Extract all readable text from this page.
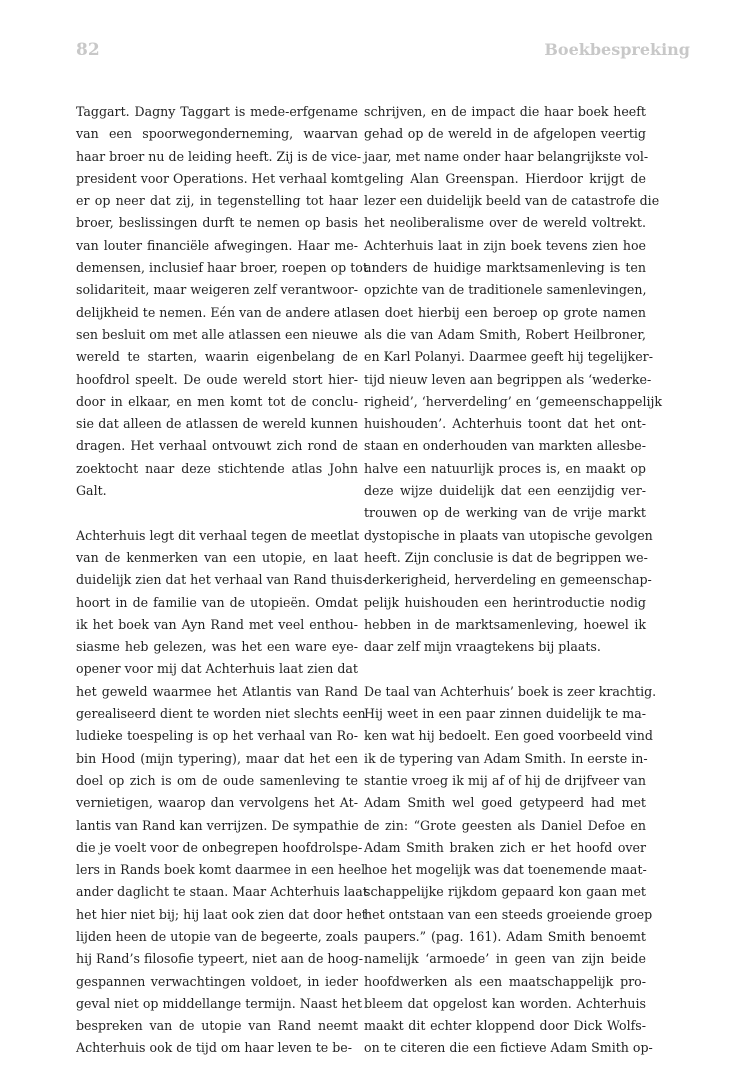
82	Boekbespreking
Taggart. Dagny Taggart is mede-erfgename
van een spoorwegonderneming, waarvan
haar broer nu de leiding heeft. Zij is de vice-
president voor Operations. Het verhaal komt
er op neer dat zij, in tegenstelling tot haar
broer, beslissingen durft te nemen op basis
van louter financiële afwegingen. Haar me-
demensen, inclusief haar broer, roepen op tot
solidariteit, maar weigeren zelf verantwoor-
delijkheid te nemen. Eén van de andere atlas-
sen besluit om met alle atlassen een nieuwe
wereld te starten, waarin eigenbelang de
hoofdrol speelt. De oude wereld stort hier-
door in elkaar, en men komt tot de conclu-
sie dat alleen de atlassen de wereld kunnen
dragen. Het verhaal ontvouwt zich rond de
zoektocht naar deze stichtende atlas John
Galt.
Achterhuis legt dit verhaal tegen de meetlat
van de kenmerken van een utopie, en laat
duidelijk zien dat het verhaal van Rand thuis-
hoort in de familie van de utopieën. Omdat
ik het boek van Ayn Rand met veel enthou-
siasme heb gelezen, was het een ware eye-
opener voor mij dat Achterhuis laat zien dat
het geweld waarmee het Atlantis van Rand
gerealiseerd dient te worden niet slechts een
ludieke toespeling is op het verhaal van Ro-
bin Hood (mijn typering), maar dat het een
doel op zich is om de oude samenleving te
vernietigen, waarop dan vervolgens het At-
lantis van Rand kan verrijzen. De sympathie
die je voelt voor de onbegrepen hoofdrolspe-
lers in Rands boek komt daarmee in een heel
ander daglicht te staan. Maar Achterhuis laat
het hier niet bij; hij laat ook zien dat door het
lijden heen de utopie van de begeerte, zoals
hij Rand’s filosofie typeert, niet aan de hoog-
gespannen verwachtingen voldoet, in ieder
geval niet op middellange termijn. Naast het
bespreken van de utopie van Rand neemt
Achterhuis ook de tijd om haar leven te be-
schrijven, en de impact die haar boek heeft
gehad op de wereld in de afgelopen veertig
jaar, met name onder haar belangrijkste vol-
geling Alan Greenspan. Hierdoor krijgt de
lezer een duidelijk beeld van de catastrofe die
het neoliberalisme over de wereld voltrekt.
Achterhuis laat in zijn boek tevens zien hoe
anders de huidige marktsamenleving is ten
opzichte van de traditionele samenlevingen,
en doet hierbij een beroep op grote namen
als die van Adam Smith, Robert Heilbroner,
en Karl Polanyi. Daarmee geeft hij tegelijker-
tijd nieuw leven aan begrippen als ‘wederke-
righeid’, ‘herverdeling’ en ‘gemeenschappelijk
huishouden’. Achterhuis toont dat het ont-
staan en onderhouden van markten allesbe-
halve een natuurlijk proces is, en maakt op
deze wijze duidelijk dat een eenzijdig ver-
trouwen op de werking van de vrije markt
dystopische in plaats van utopische gevolgen
heeft. Zijn conclusie is dat de begrippen we-
derkerigheid, herverdeling en gemeenschap-
pelijk huishouden een herintroductie nodig
hebben in de marktsamenleving, hoewel ik
daar zelf mijn vraagtekens bij plaats.
De taal van Achterhuis’ boek is zeer krachtig.
Hij weet in een paar zinnen duidelijk te ma-
ken wat hij bedoelt. Een goed voorbeeld vind
ik de typering van Adam Smith. In eerste in-
stantie vroeg ik mij af of hij de drijfveer van
Adam Smith wel goed getypeerd had met
de zin: “Grote geesten als Daniel Defoe en
Adam Smith braken zich er het hoofd over
hoe het mogelijk was dat toenemende maat-
schappelijke rijkdom gepaard kon gaan met
het ontstaan van een steeds groeiende groep
paupers.” (pag. 161). Adam Smith benoemt
namelijk ‘armoede’ in geen van zijn beide
hoofdwerken als een maatschappelijk pro-
bleem dat opgelost kan worden. Achterhuis
maakt dit echter kloppend door Dick Wolfs-
on te citeren die een fictieve Adam Smith op-
